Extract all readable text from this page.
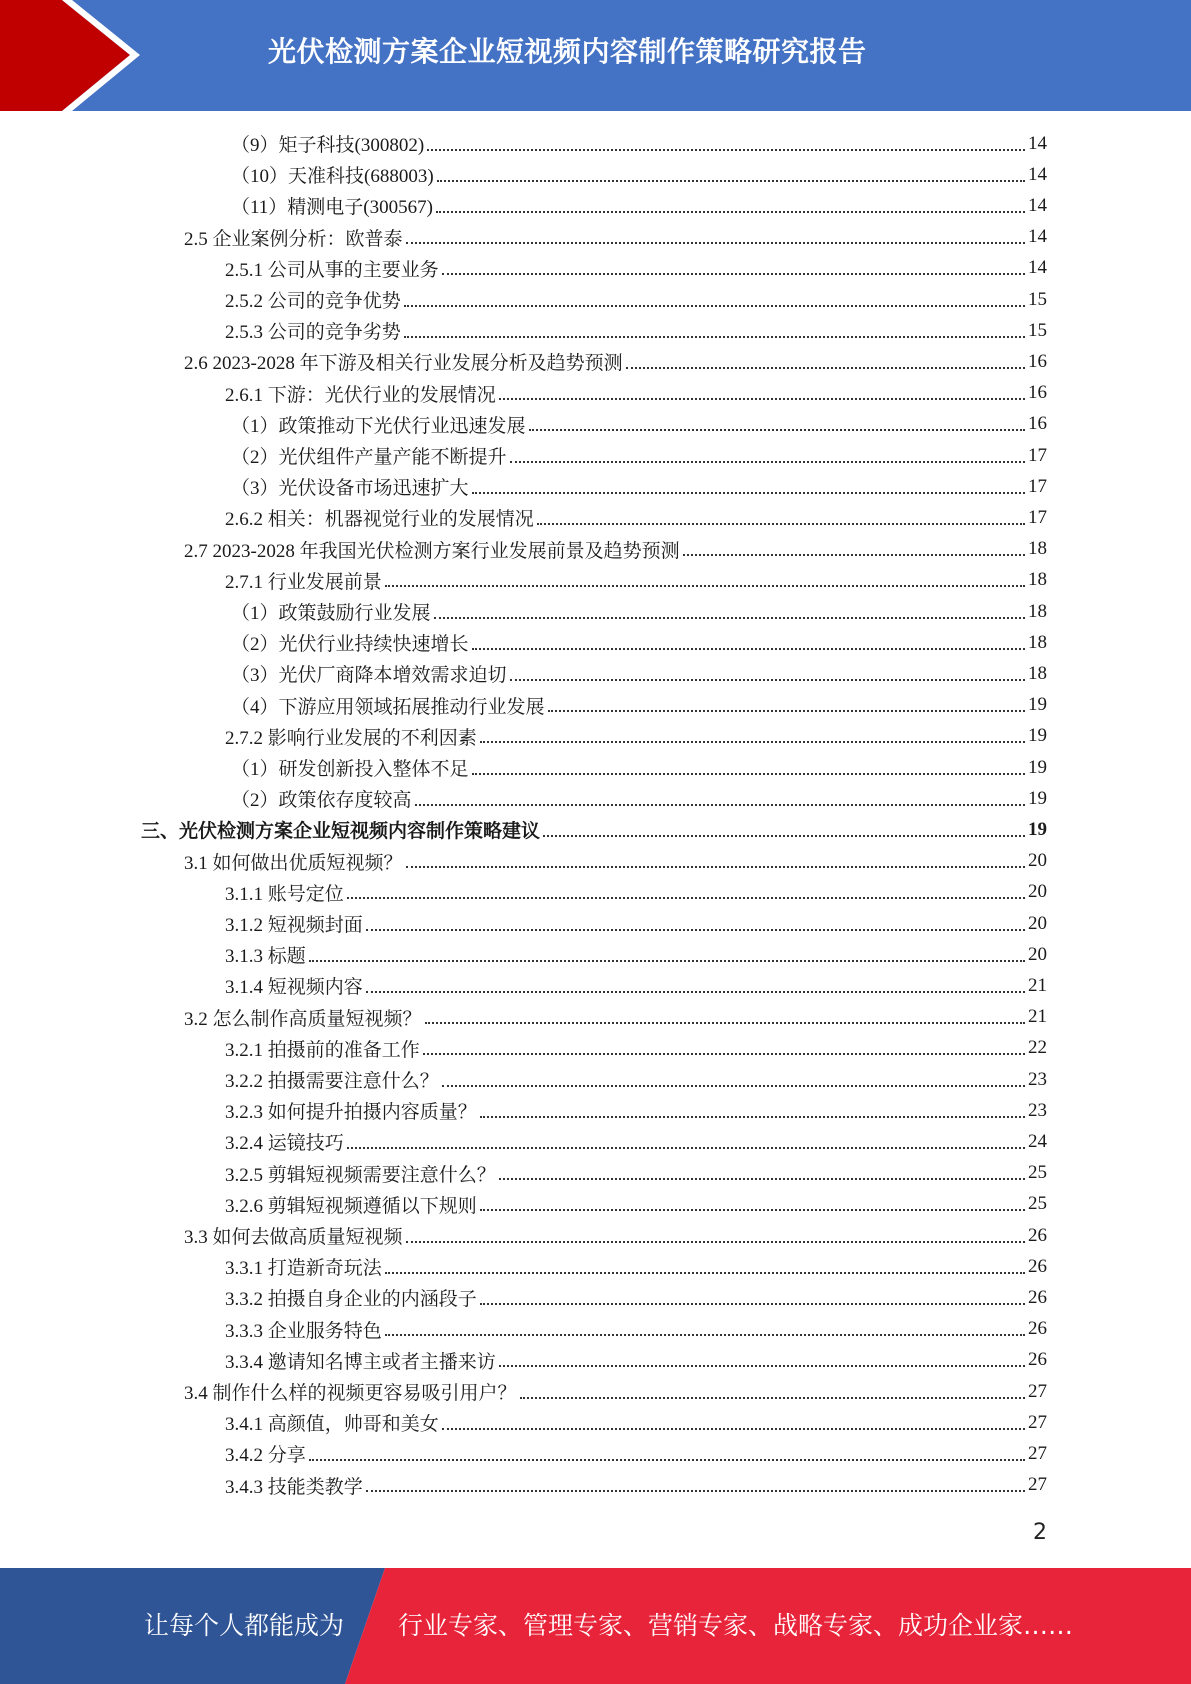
光伏检测方案企业短视频内容制作策略研究报告
（9）矩子科技(300802)	14
（10）天准科技(688003)	14
（11）精测电子(300567)	14
2.5 企业案例分析：欧普泰	14
2.5.1 公司从事的主要业务	14
2.5.2 公司的竞争优势	15
2.5.3 公司的竞争劣势	15
2.6 2023-2028 年下游及相关行业发展分析及趋势预测	16
2.6.1 下游：光伏行业的发展情况	16
（1）政策推动下光伏行业迅速发展	16
（2）光伏组件产量产能不断提升	17
（3）光伏设备市场迅速扩大	17
2.6.2 相关：机器视觉行业的发展情况	17
2.7 2023-2028 年我国光伏检测方案行业发展前景及趋势预测	18
2.7.1 行业发展前景	18
（1）政策鼓励行业发展	18
（2）光伏行业持续快速增长	18
（3）光伏厂商降本增效需求迫切	18
（4）下游应用领域拓展推动行业发展	19
2.7.2 影响行业发展的不利因素	19
（1）研发创新投入整体不足	19
（2）政策依存度较高	19
三、光伏检测方案企业短视频内容制作策略建议	19
3.1 如何做出优质短视频？	20
3.1.1 账号定位	20
3.1.2 短视频封面	20
3.1.3 标题	20
3.1.4 短视频内容	21
3.2 怎么制作高质量短视频？	21
3.2.1 拍摄前的准备工作	22
3.2.2 拍摄需要注意什么？	23
3.2.3 如何提升拍摄内容质量？	23
3.2.4 运镜技巧	24
3.2.5 剪辑短视频需要注意什么？	25
3.2.6 剪辑短视频遵循以下规则	25
3.3 如何去做高质量短视频	26
3.3.1 打造新奇玩法	26
3.3.2 拍摄自身企业的内涵段子	26
3.3.3 企业服务特色	26
3.3.4 邀请知名博主或者主播来访	26
3.4 制作什么样的视频更容易吸引用户？	27
3.4.1 高颜值，帅哥和美女	27
3.4.2 分享	27
3.4.3 技能类教学	27
2
让每个人都能成为 行业专家、管理专家、营销专家、战略专家、成功企业家……
